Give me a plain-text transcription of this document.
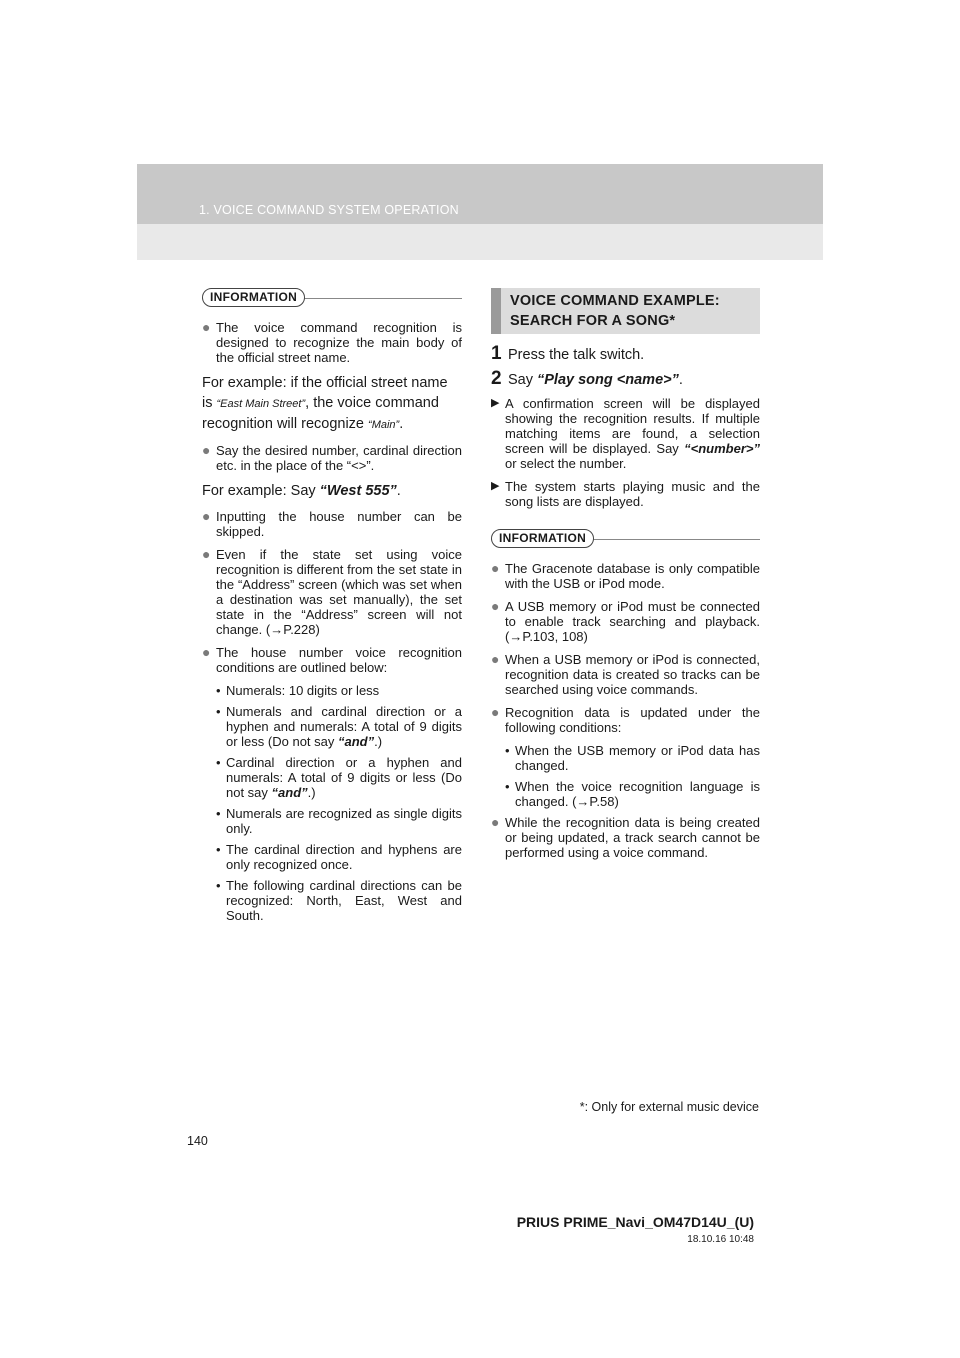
1. VOICE COMMAND SYSTEM OPERATION
INFORMATION
● The voice command recognition is designed to recognize the main body of the official street name.
For example: if the official street name is “East Main Street”, the voice command recognition will recognize “Main”.
● Say the desired number, cardinal direction etc. in the place of the “<>”.
For example: Say “West 555”.
● Inputting the house number can be skipped.
● Even if the state set using voice recognition is different from the set state in the “Address” screen (which was set when a destination was set manually), the set state in the “Address” screen will not change. (→P.228)
● The house number voice recognition conditions are outlined below:
• Numerals: 10 digits or less
• Numerals and cardinal direction or a hyphen and numerals: A total of 9 digits or less (Do not say “and”.)
• Cardinal direction or a hyphen and numerals: A total of 9 digits or less (Do not say “and”.)
• Numerals are recognized as single digits only.
• The cardinal direction and hyphens are only recognized once.
• The following cardinal directions can be recognized: North, East, West and South.
VOICE COMMAND EXAMPLE:
SEARCH FOR A SONG*
1 Press the talk switch.
2 Say “Play song <name>”.
▶ A confirmation screen will be displayed showing the recognition results. If multiple matching items are found, a selection screen will be displayed. Say “<number>” or select the number.
▶ The system starts playing music and the song lists are displayed.
INFORMATION
● The Gracenote database is only compatible with the USB or iPod mode.
● A USB memory or iPod must be connected to enable track searching and playback. (→P.103, 108)
● When a USB memory or iPod is connected, recognition data is created so tracks can be searched using voice commands.
● Recognition data is updated under the following conditions:
• When the USB memory or iPod data has changed.
• When the voice recognition language is changed. (→P.58)
● While the recognition data is being created or being updated, a track search cannot be performed using a voice command.
*: Only for external music device
140
PRIUS PRIME_Navi_OM47D14U_(U)
18.10.16 10:48
